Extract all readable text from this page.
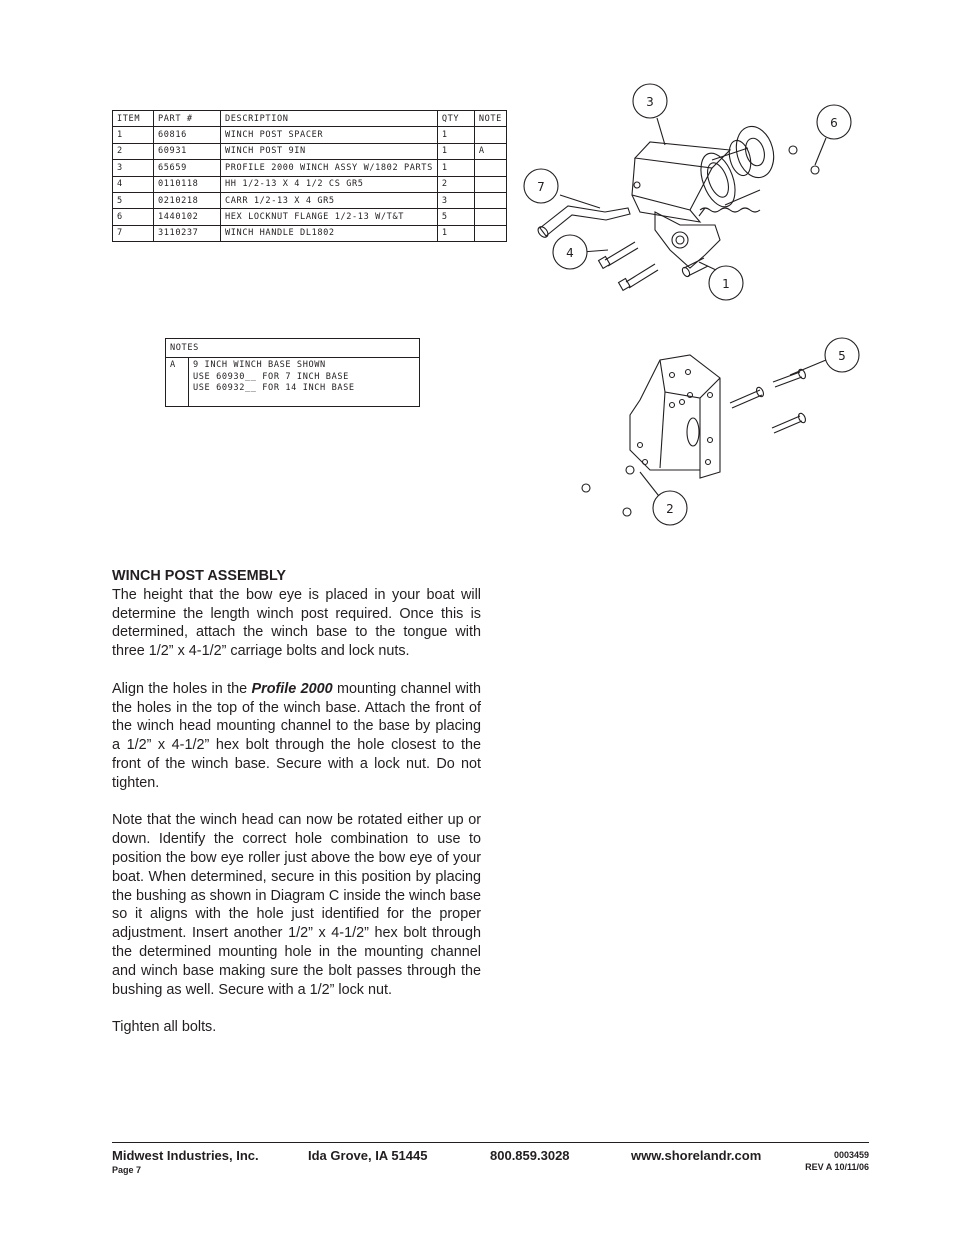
ITEM	PART #	DESCRIPTION	QTY	NOTE
1	60816	WINCH POST SPACER	1	
2	60931	WINCH POST 9IN	1	A
3	65659	PROFILE 2000 WINCH ASSY W/1802 PARTS	1	
4	0110118	HH 1/2-13 X 4 1/2 CS GR5	2	
5	0210218	CARR 1/2-13 X 4 GR5	3	
6	1440102	HEX LOCKNUT FLANGE 1/2-13 W/T&T	5	
7	3110237	WINCH HANDLE DL1802	1	
NOTES
A	9 INCH WINCH BASE SHOWN
USE 60930__ FOR 7 INCH BASE
USE 60932__ FOR 14 INCH BASE
3
6
7
4
1
5
2
WINCH POST ASSEMBLY

The height that the bow eye is placed in your boat will determine the length winch post required. Once this is determined, attach the winch base to the tongue with three 1/2” x 4-1/2” carriage bolts and lock nuts.

Align the holes in the Profile 2000 mounting channel with the holes in the top of the winch base. Attach the front of the winch head mounting channel to the base by placing a 1/2” x 4-1/2” hex bolt through the hole closest to the front of the winch base. Secure with a lock nut. Do not tighten.

Note that the winch head can now be rotated either up or down. Identify the correct hole combination to use to position the bow eye roller just above the bow eye of your boat. When determined, secure in this position by placing the bushing as shown in Diagram C inside the winch base so it aligns with the hole just identified for the proper adjustment. Insert another 1/2” x 4-1/2” hex bolt through the determined mounting hole in the mounting channel and winch base making sure the bolt passes through the bushing as well. Secure with a 1/2” lock nut.

Tighten all bolts.

Midwest Industries, Inc.	Ida Grove, IA 51445	800.859.3028	www.shorelandr.com
Page 7
0003459
REV A 10/11/06
